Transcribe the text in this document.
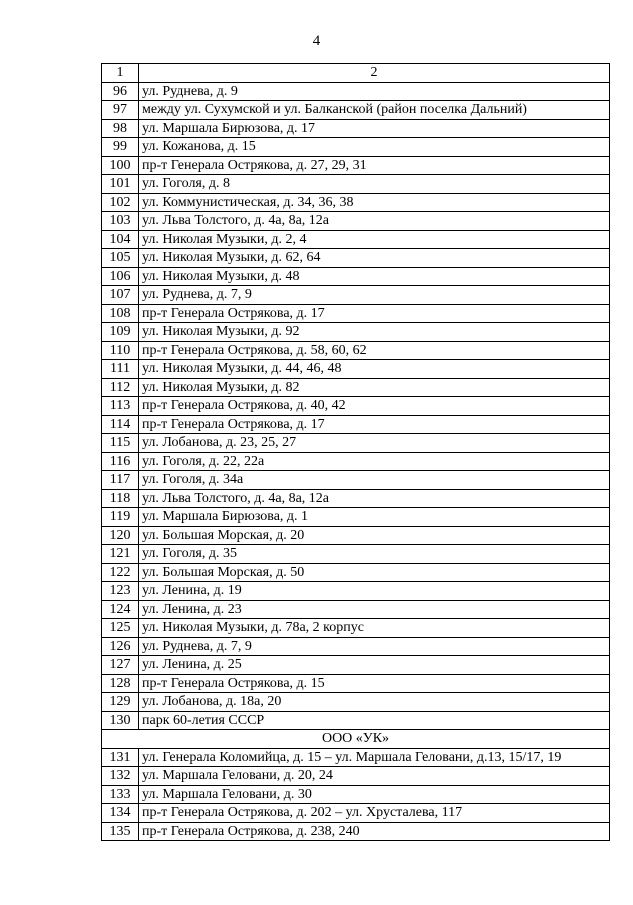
4
1	2
96	ул. Руднева, д. 9
97	между ул. Сухумской и ул. Балканской (район поселка Дальний)
98	ул. Маршала Бирюзова, д. 17
99	ул. Кожанова, д. 15
100	пр-т Генерала Острякова, д. 27, 29, 31
101	ул. Гоголя, д. 8
102	ул. Коммунистическая, д. 34, 36, 38
103	ул. Льва Толстого, д. 4а, 8а, 12а
104	ул. Николая Музыки, д. 2, 4
105	ул. Николая Музыки, д. 62, 64
106	ул. Николая Музыки, д. 48
107	ул. Руднева, д. 7, 9
108	пр-т Генерала Острякова, д. 17
109	ул. Николая Музыки, д. 92
110	пр-т Генерала Острякова, д. 58, 60, 62
111	ул. Николая Музыки, д. 44, 46, 48
112	ул. Николая Музыки, д. 82
113	пр-т Генерала Острякова, д. 40, 42
114	пр-т Генерала Острякова, д. 17
115	ул. Лобанова, д. 23, 25, 27
116	ул. Гоголя, д. 22, 22а
117	ул. Гоголя, д. 34а
118	ул. Льва Толстого, д. 4а, 8а, 12а
119	ул. Маршала Бирюзова, д. 1
120	ул. Большая Морская, д. 20
121	ул. Гоголя, д. 35
122	ул. Большая Морская, д. 50
123	ул. Ленина, д. 19
124	ул. Ленина, д. 23
125	ул. Николая Музыки, д. 78а, 2 корпус
126	ул. Руднева, д. 7, 9
127	ул. Ленина, д. 25
128	пр-т Генерала Острякова, д. 15
129	ул. Лобанова, д. 18а, 20
130	парк 60-летия СССР
ООО «УК»	
131	ул. Генерала Коломийца, д. 15 – ул. Маршала Геловани, д.13, 15/17, 19
132	ул. Маршала Геловани, д. 20, 24
133	ул. Маршала Геловани, д. 30
134	пр-т Генерала Острякова, д. 202 – ул. Хрусталева, 117
135	пр-т Генерала Острякова, д. 238, 240
